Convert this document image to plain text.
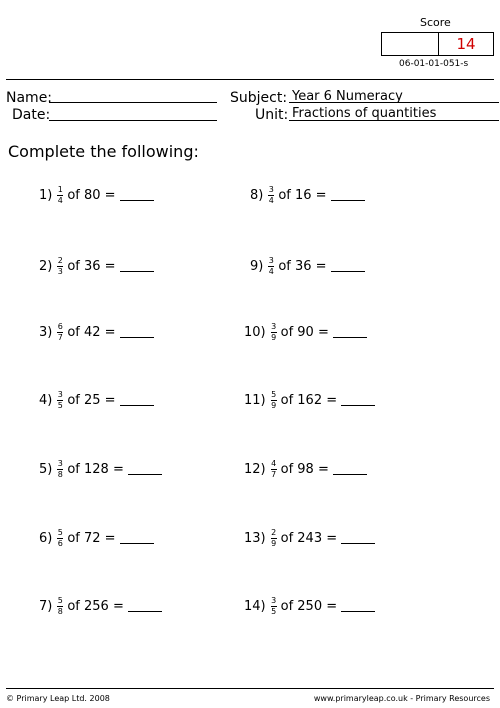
Score
14
06-01-01-051-s
Name:
Date:
Subject: Year 6 Numeracy
Unit: Fractions of quantities
Complete the following:
$1) \frac{1}{4}$ of 80 =
$2) \frac{2}{3}$ of 36 =
$3) \frac{6}{7}$ of 42 =
$4) \frac{3}{5}$ of 25 =
$5) \frac{3}{8}$ of 128 =
$6) \frac{5}{6}$ of 72 =
$7) \frac{5}{8}$ of 256 =
$8) \frac{3}{4}$ of 16 =
$9) \frac{3}{4}$ of 36 =
$10) \frac{3}{9}$ of 90 =
$11) \frac{5}{9}$ of 162 =
$12) \frac{4}{7}$ of 98 =
$13) \frac{2}{9}$ of 243 =
$14) \frac{3}{5}$ of 250 =
© Primary Leap Ltd. 2008	www.primaryleap.co.uk - Primary Resources
